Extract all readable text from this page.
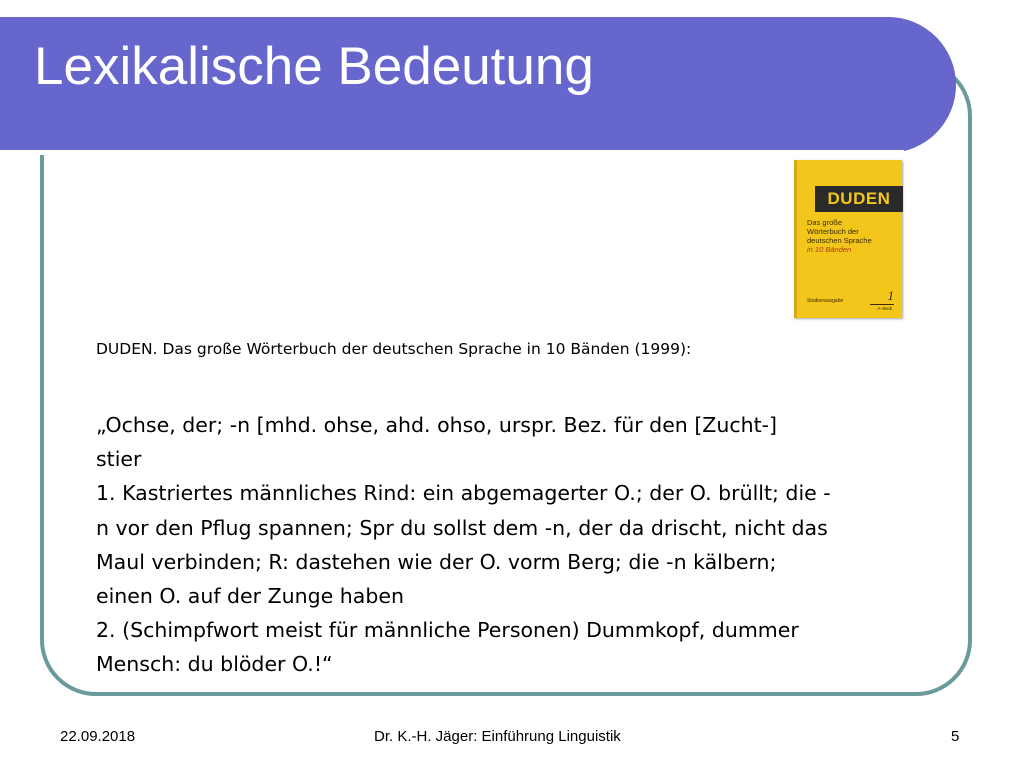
Lexikalische Bedeutung
DUDEN
Das große
Wörterbuch der
deutschen Sprache
in 10 Bänden
Studienausgabe	1
A–Bedi

DUDEN. Das große Wörterbuch der deutschen Sprache in 10 Bänden (1999):

„Ochse, der; -n [mhd. ohse, ahd. ohso, urspr. Bez. für den [Zucht-]
stier
1. Kastriertes männliches Rind: ein abgemagerter O.; der O. brüllt; die -
n vor den Pflug spannen; Spr du sollst dem -n, der da drischt, nicht das
Maul verbinden; R: dastehen wie der O. vorm Berg; die -n kälbern;
einen O. auf der Zunge haben
2. (Schimpfwort meist für männliche Personen) Dummkopf, dummer
Mensch: du blöder O.!“
22.09.2018	Dr. K.-H. Jäger: Einführung Linguistik	5
